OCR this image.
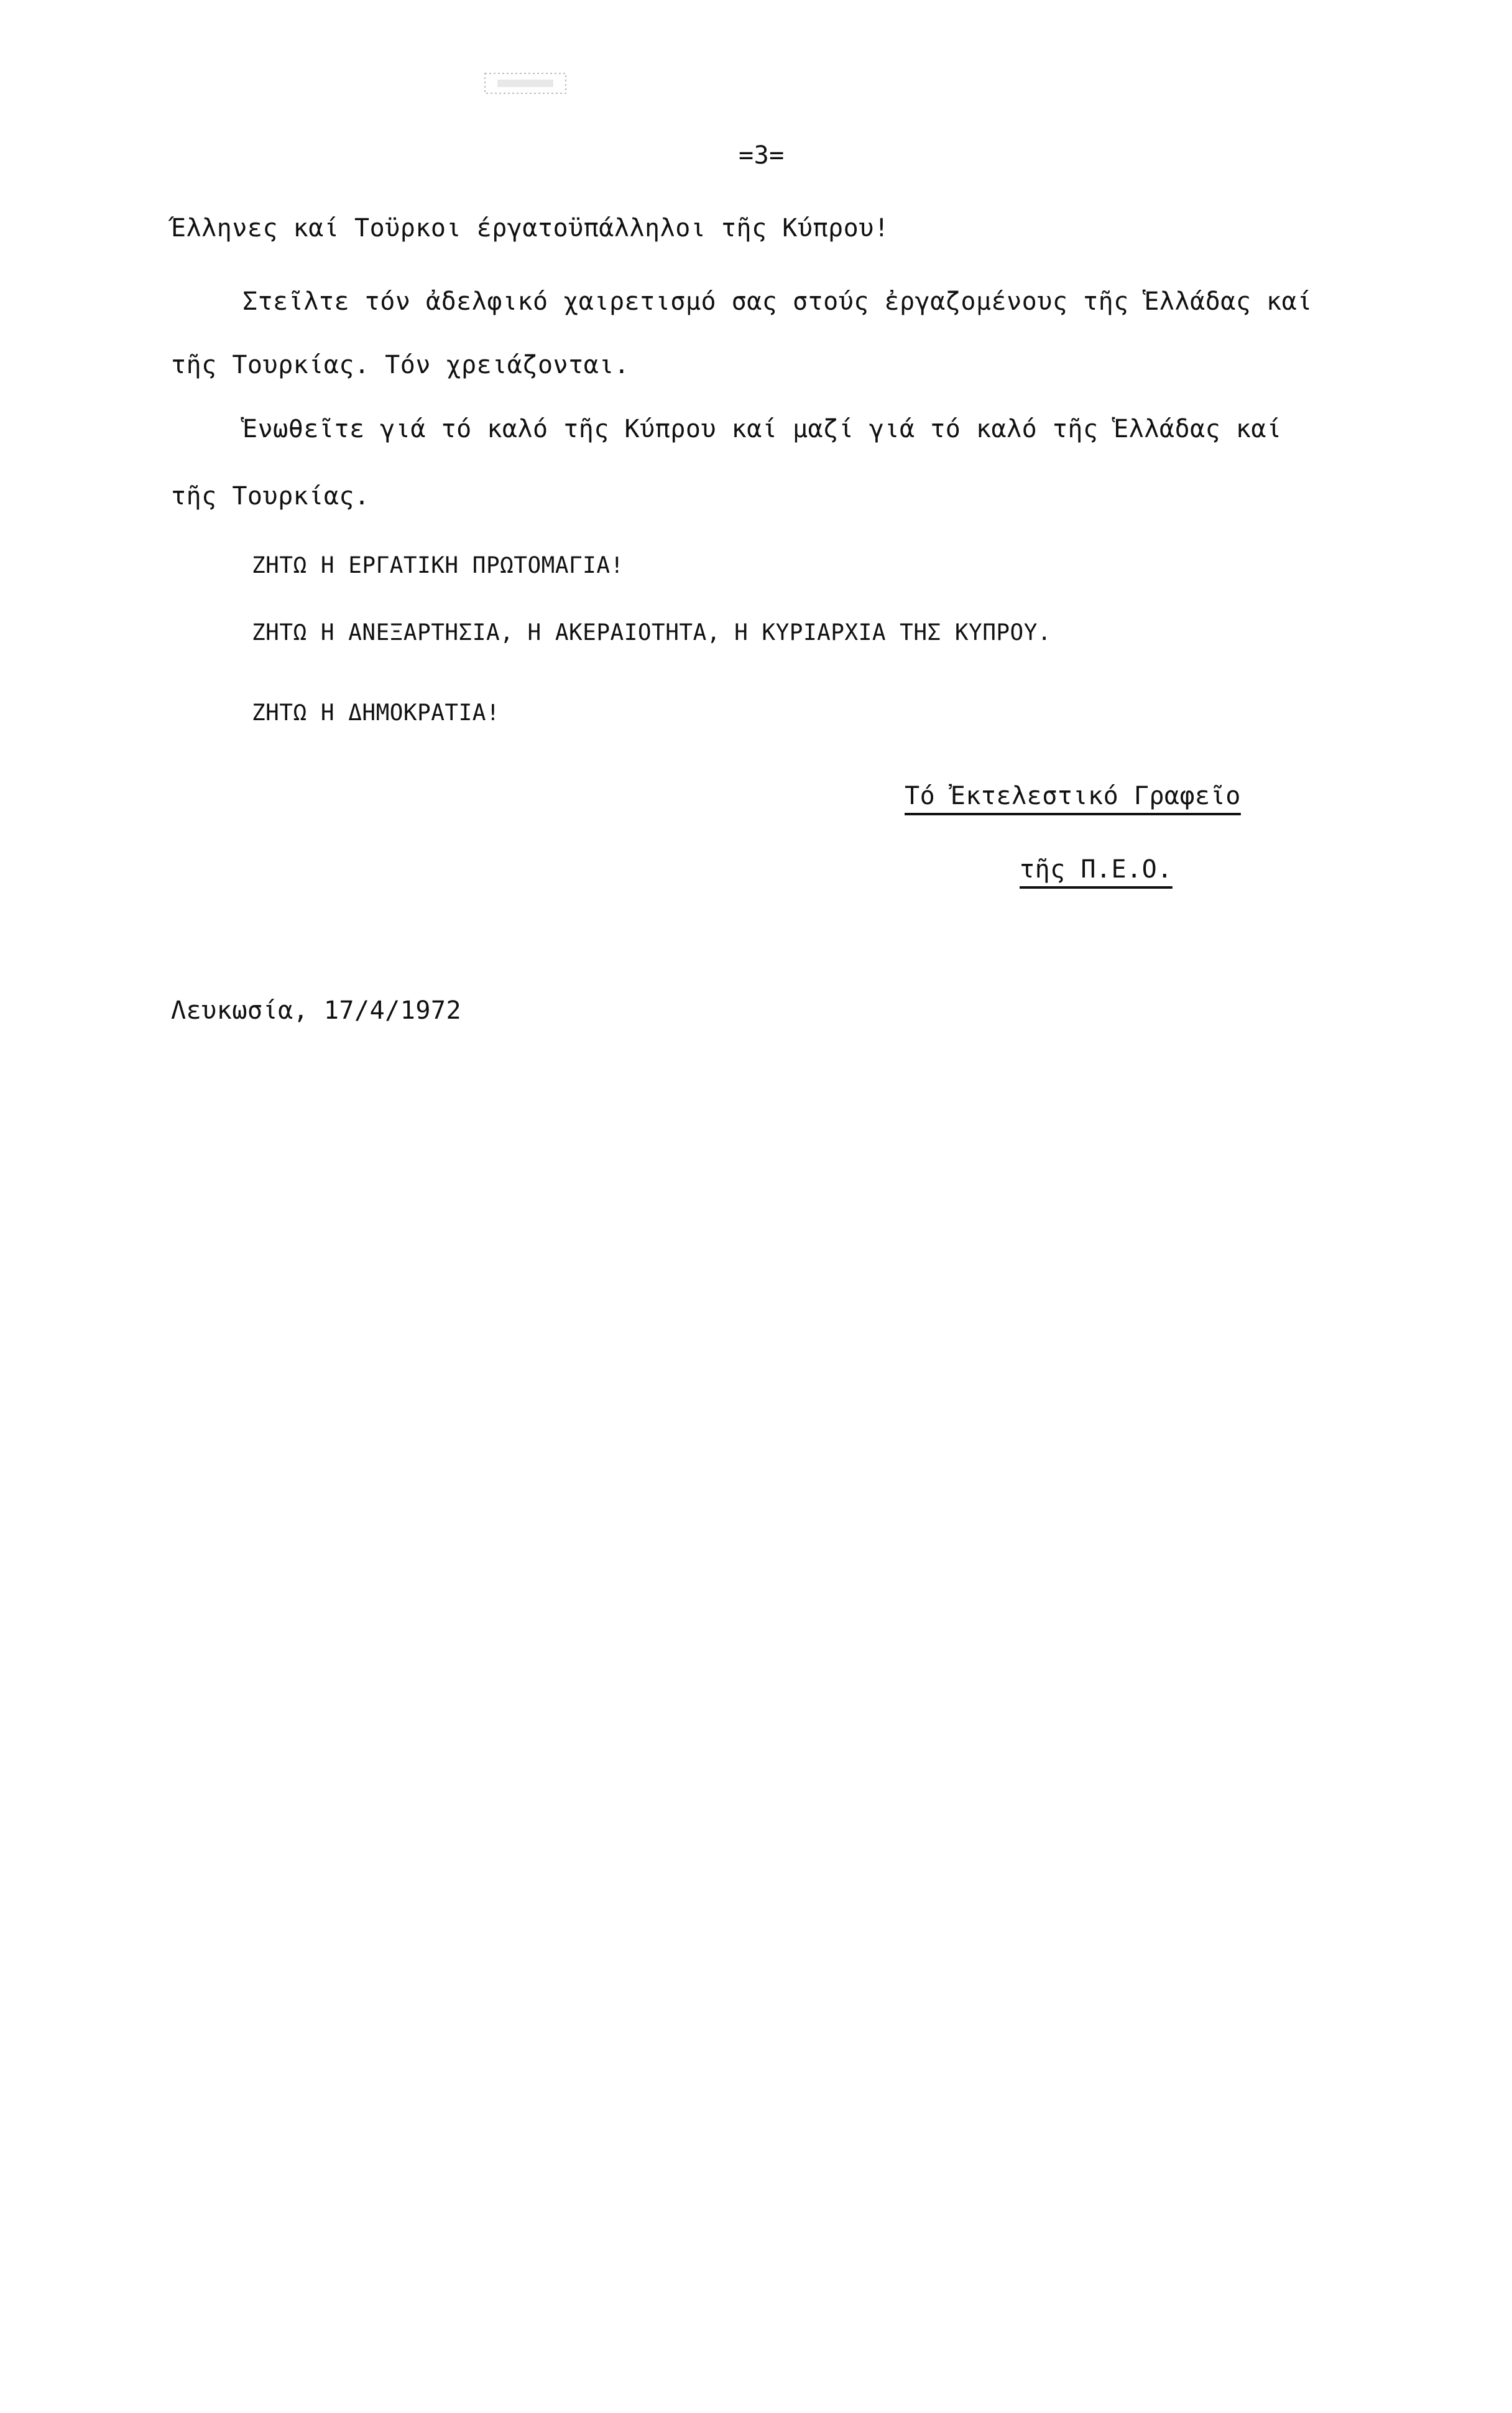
=3=
Έλληνες καί Τοϋρκοι έργατοϋπάλληλοι τῆς Κύπρου!
Στεῖλτε τόν ἀδελφικό χαιρετισμό σας στούς ἐργαζομένους τῆς Ἑλλάδας καί
τῆς Τουρκίας. Τόν χρειάζονται.
Ἑνωθεῖτε γιά τό καλό τῆς Κύπρου καί μαζί γιά τό καλό τῆς Ἑλλάδας καί
τῆς Τουρκίας.
ΖΗΤΩ Η ΕΡΓΑΤΙΚΗ ΠΡΩΤΟΜΑΓΙΑ!
ΖΗΤΩ Η ΑΝΕΞΑΡΤΗΣΙΑ, Η ΑΚΕΡΑΙΟΤΗΤΑ, Η ΚΥΡΙΑΡΧΙΑ ΤΗΣ ΚΥΠΡΟΥ.
ΖΗΤΩ Η ΔΗΜΟΚΡΑΤΙΑ!
Τό Ἐκτελεστικό Γραφεῖο
τῆς Π.Ε.Ο.
Λευκωσία, 17/4/1972
